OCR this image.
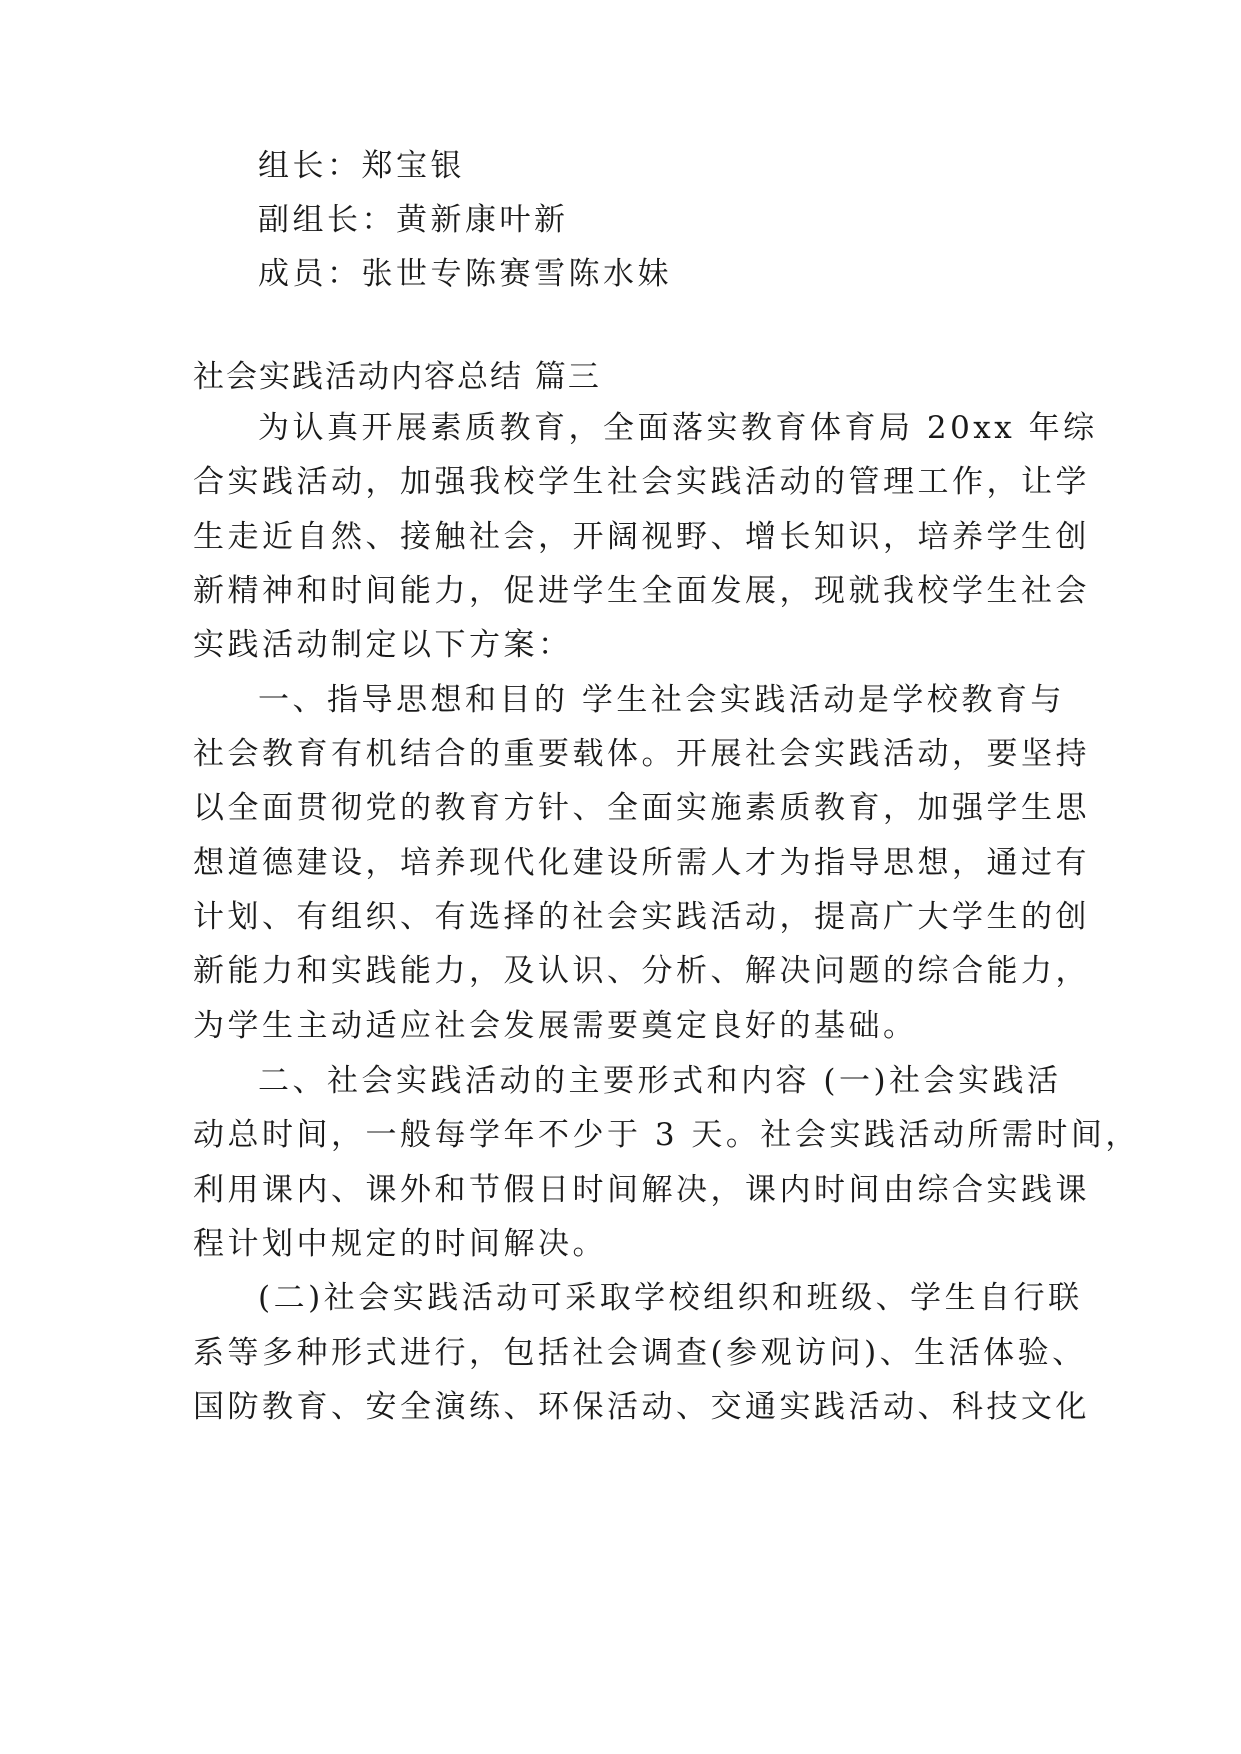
组长：郑宝银
副组长：黄新康叶新
成员：张世专陈赛雪陈水妹
社会实践活动内容总结 篇三
为认真开展素质教育，全面落实教育体育局 20xx 年综
合实践活动，加强我校学生社会实践活动的管理工作，让学
生走近自然、接触社会，开阔视野、增长知识，培养学生创
新精神和时间能力，促进学生全面发展，现就我校学生社会
实践活动制定以下方案：
一、指导思想和目的 学生社会实践活动是学校教育与
社会教育有机结合的重要载体。开展社会实践活动，要坚持
以全面贯彻党的教育方针、全面实施素质教育，加强学生思
想道德建设，培养现代化建设所需人才为指导思想，通过有
计划、有组织、有选择的社会实践活动，提高广大学生的创
新能力和实践能力，及认识、分析、解决问题的综合能力，
为学生主动适应社会发展需要奠定良好的基础。
二、社会实践活动的主要形式和内容 (一)社会实践活
动总时间，一般每学年不少于 3 天。社会实践活动所需时间，
利用课内、课外和节假日时间解决，课内时间由综合实践课
程计划中规定的时间解决。
(二)社会实践活动可采取学校组织和班级、学生自行联
系等多种形式进行，包括社会调查(参观访问)、生活体验、
国防教育、安全演练、环保活动、交通实践活动、科技文化
